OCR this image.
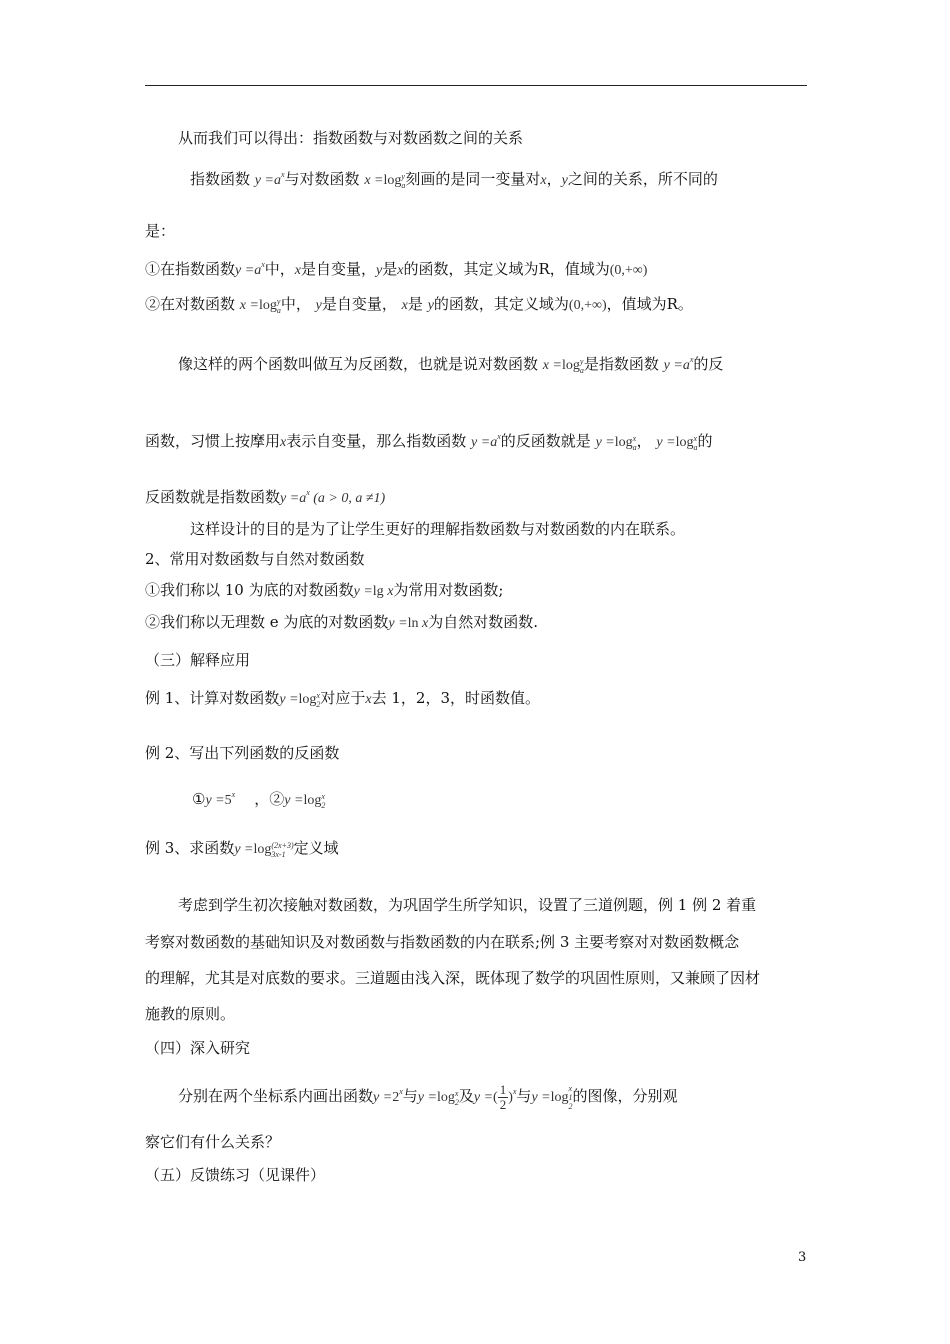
从而我们可以得出：指数函数与对数函数之间的关系
指数函数 $y =a^x$与对数函数 x =log y
a 刻画的是同一变量对x，y之间的关系，所不同的
是：
①在指数函数$y =a^x$中，x是自变量，y是x的函数，其定义域为R，值域为(0,+∞)
②在对数函数 x =log y
a 中， y是自变量， x是 y的函数，其定义域为(0,+∞)，值域为R。
像这样的两个函数叫做互为反函数，也就是说对数函数 x =log y
a 是指数函数 $y =a^x$的反
函数，习惯上按摩用x表示自变量，那么指数函数 $y =a^x$的反函数就是 y =log x
a ， y =log x
a 的
反函数就是指数函数$y =a^x$ (a > 0, a ≠1)
这样设计的目的是为了让学生更好的理解指数函数与对数函数的内在联系。
2、常用对数函数与自然对数函数
①我们称以 10 为底的对数函数y =lg x为常用对数函数;
②我们称以无理数 e 为底的对数函数y =ln x为自然对数函数.
（三）解释应用
例 1、计算对数函数y =log x
2 对应于x去 1，2，3，时函数值。
例 2、写出下列函数的反函数
①y $=5^x$ ，②y =log x
2
例 3、求函数y =log (2x+3)
3x-1 定义域
考虑到学生初次接触对数函数，为巩固学生所学知识，设置了三道例题，例 1 例 2 着重
考察对数函数的基础知识及对数函数与指数函数的内在联系;例 3 主要考察对对数函数概念
的理解，尤其是对底数的要求。三道题由浅入深，既体现了数学的巩固性原则，又兼顾了因材
施教的原则。
（四）深入研究
分别在两个坐标系内画出函数$y =2^x$与y =log x
2 及y =( $\frac{1}{2} )^x$与y =log
x
1
2
的图像，分别观
察它们有什么关系？
（五）反馈练习（见课件）
3
